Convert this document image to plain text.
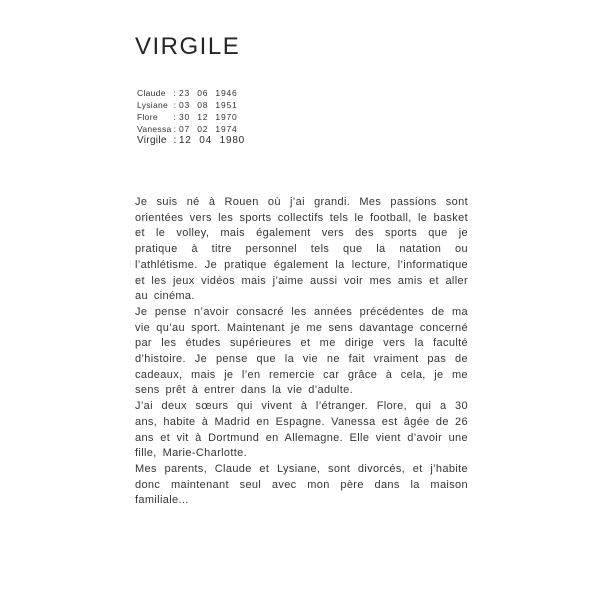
VIRGILE
Claude : 23 06 1946
Lysiane : 03 08 1951
Flore	: 30 12 1970
Vanessa : 07 02 1974
Virgile : 12 04 1980

Je suis né à Rouen où j’ai grandi. Mes passions sont orientées vers les sports collectifs tels le football, le basket et le volley, mais également vers des sports que je pratique à titre personnel tels que la natation ou l’athlétisme. Je pratique également la lecture, l’informatique et les jeux vidéos mais j’aime aussi voir mes amis et aller au cinéma.

Je pense n’avoir consacré les années précédentes de ma vie qu’au sport. Maintenant je me sens davantage concerné par les études supérieures et me dirige vers la faculté d’histoire. Je pense que la vie ne fait vraiment pas de cadeaux, mais je l’en remercie car grâce à cela, je me sens prêt à entrer dans la vie d’adulte.

J’ai deux sœurs qui vivent à l’étranger. Flore, qui a 30 ans, habite à Madrid en Espagne. Vanessa est âgée de 26 ans et vit à Dortmund en Allemagne. Elle vient d’avoir une fille, Marie-Charlotte.

Mes parents, Claude et Lysiane, sont divorcés, et j’habite donc maintenant seul avec mon père dans la maison familiale...
